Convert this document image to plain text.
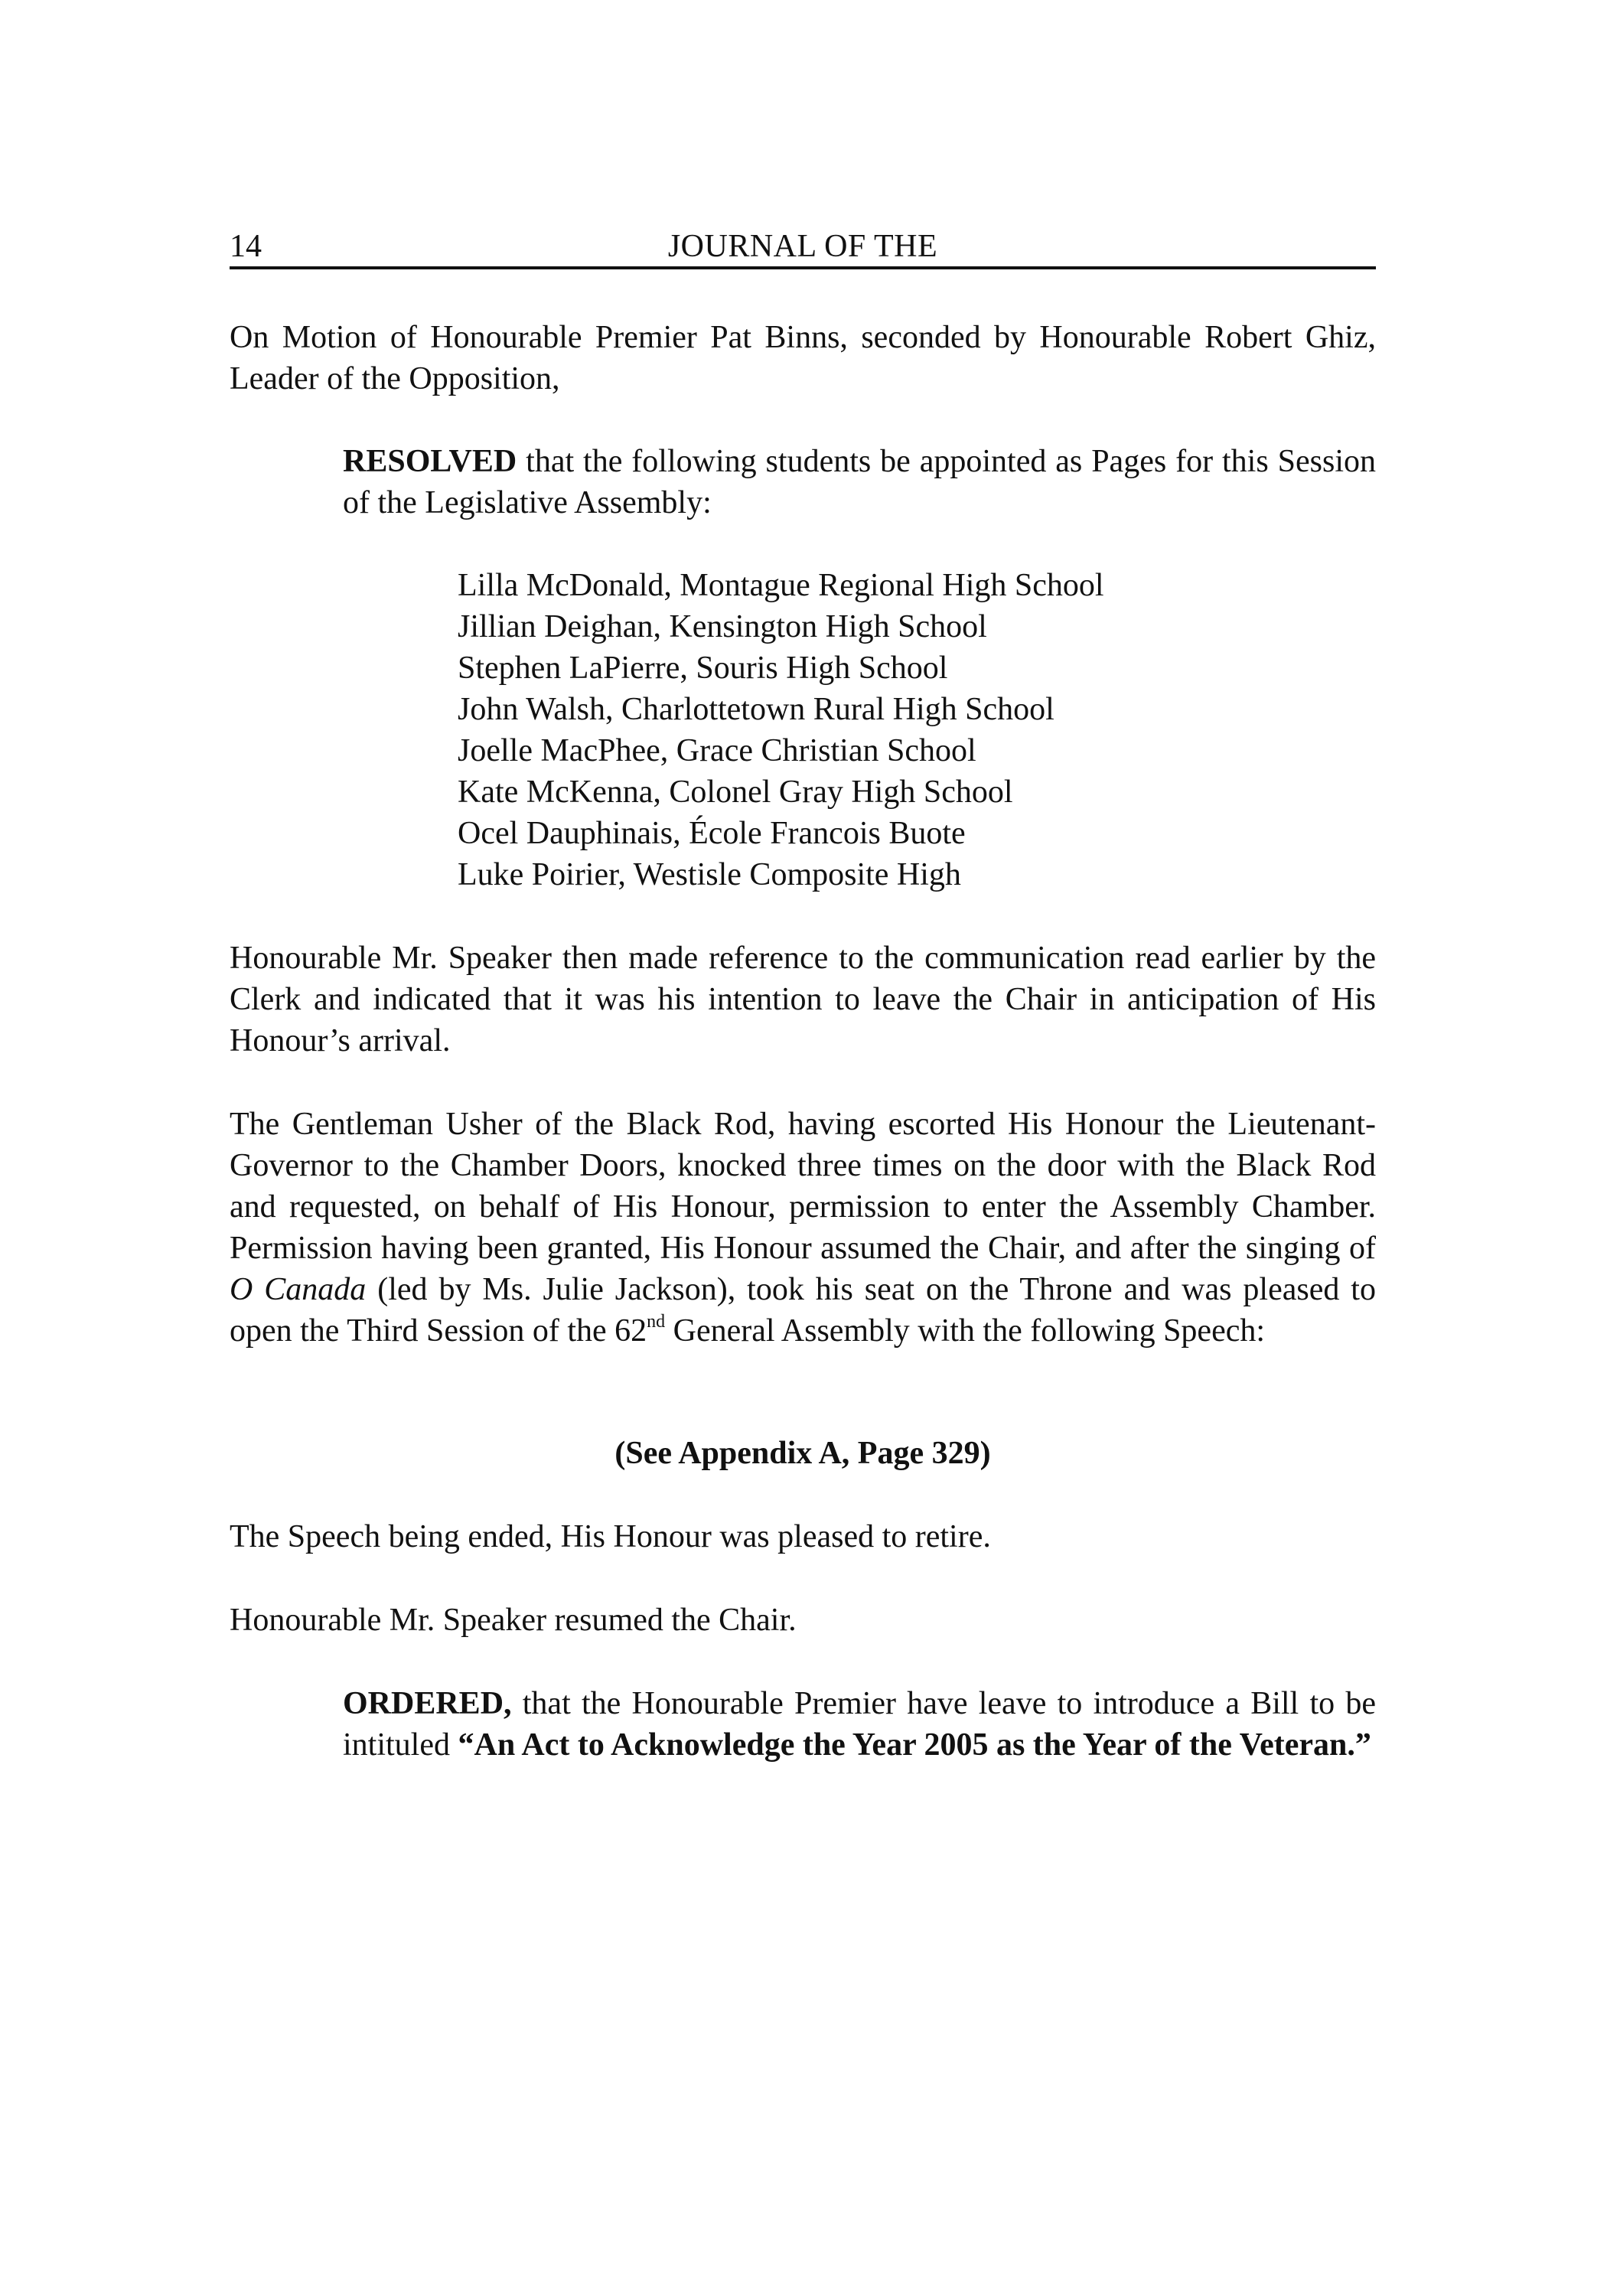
14	JOURNAL OF THE
On Motion of Honourable Premier Pat Binns, seconded by Honourable Robert Ghiz, Leader of the Opposition,
RESOLVED that the following students be appointed as Pages for this Session of the Legislative Assembly:
Lilla McDonald, Montague Regional High School
Jillian Deighan, Kensington High School
Stephen LaPierre, Souris High School
John Walsh, Charlottetown Rural High School
Joelle MacPhee, Grace Christian School
Kate McKenna, Colonel Gray High School
Ocel Dauphinais, École Francois Buote
Luke Poirier, Westisle Composite High
Honourable Mr. Speaker then made reference to the communication read earlier by the Clerk and indicated that it was his intention to leave the Chair in anticipation of His Honour’s arrival.
The Gentleman Usher of the Black Rod, having escorted His Honour the Lieutenant-Governor to the Chamber Doors, knocked three times on the door with the Black Rod and requested, on behalf of His Honour, permission to enter the Assembly Chamber. Permission having been granted, His Honour assumed the Chair, and after the singing of O Canada (led by Ms. Julie Jackson), took his seat on the Throne and was pleased to open the Third Session of the 62nd General Assembly with the following Speech:
(See Appendix A, Page 329)
The Speech being ended, His Honour was pleased to retire.
Honourable Mr. Speaker resumed the Chair.
ORDERED, that the Honourable Premier have leave to introduce a Bill to be intituled “An Act to Acknowledge the Year 2005 as the Year of the Veteran.”
